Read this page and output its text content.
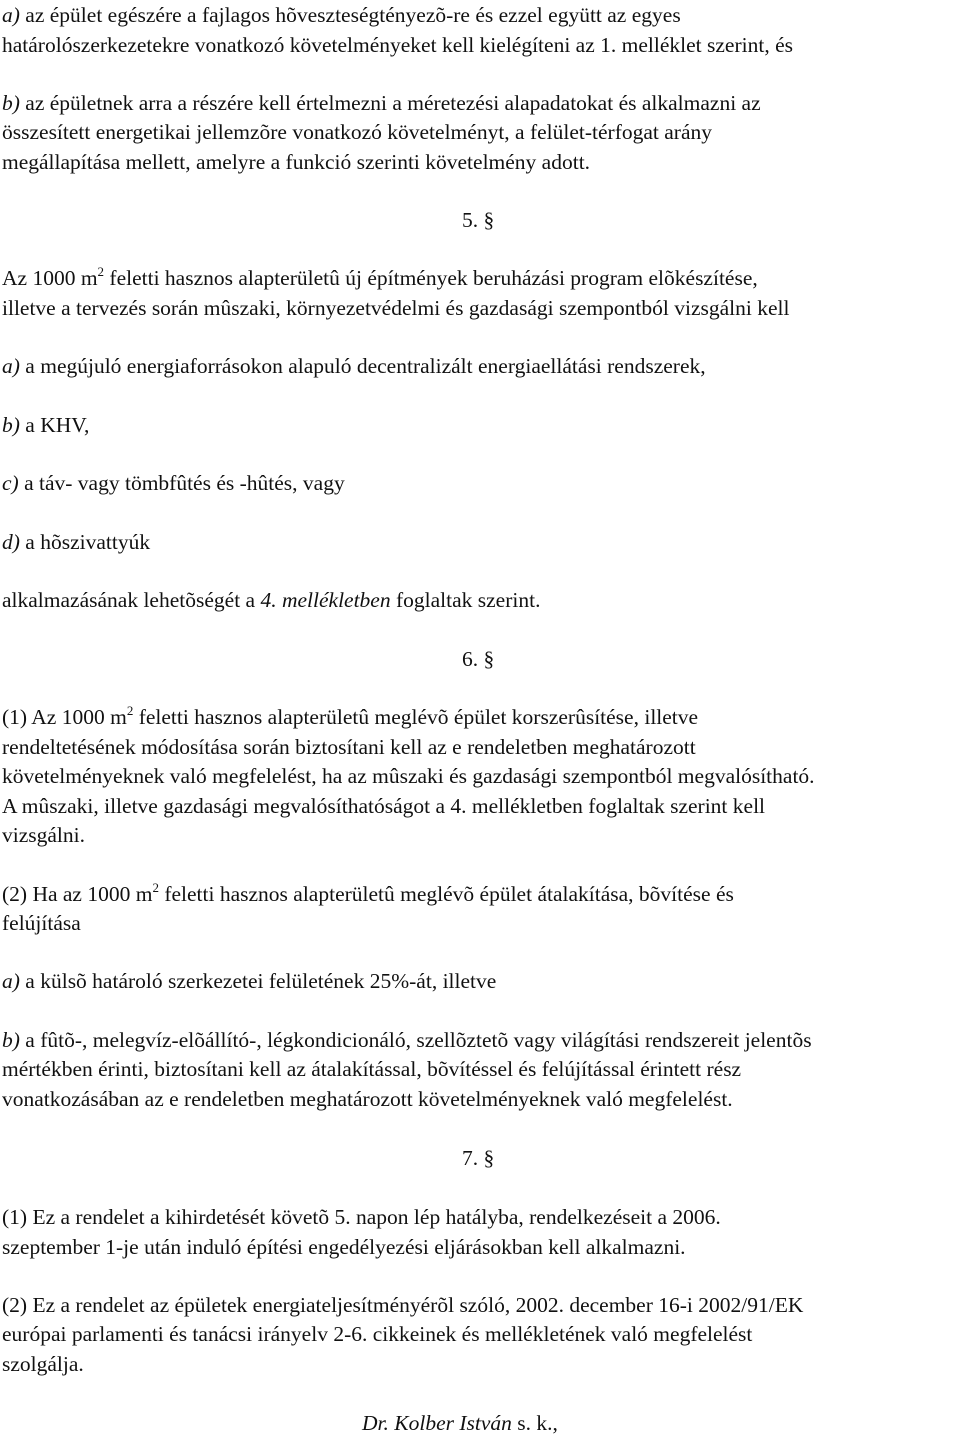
a) az épület egészére a fajlagos hõveszteségtényezõ-re és ezzel együtt az egyes
határolószerkezetekre vonatkozó követelményeket kell kielégíteni az 1. melléklet szerint, és
b) az épületnek arra a részére kell értelmezni a méretezési alapadatokat és alkalmazni az
összesített energetikai jellemzõre vonatkozó követelményt, a felület-térfogat arány
megállapítása mellett, amelyre a funkció szerinti követelmény adott.
5. §
Az 1000 $m^2$ feletti hasznos alapterületû új építmények beruházási program elõkészítése,
illetve a tervezés során mûszaki, környezetvédelmi és gazdasági szempontból vizsgálni kell
a) a megújuló energiaforrásokon alapuló decentralizált energiaellátási rendszerek,
b) a KHV,
c) a táv- vagy tömbfûtés és -hûtés, vagy
d) a hõszivattyúk
alkalmazásának lehetõségét a 4. mellékletben foglaltak szerint.
6. §
(1) Az 1000 $m^2$ feletti hasznos alapterületû meglévõ épület korszerûsítése, illetve
rendeltetésének módosítása során biztosítani kell az e rendeletben meghatározott
követelményeknek való megfelelést, ha az mûszaki és gazdasági szempontból megvalósítható.
A mûszaki, illetve gazdasági megvalósíthatóságot a 4. mellékletben foglaltak szerint kell
vizsgálni.
(2) Ha az 1000 $m^2$ feletti hasznos alapterületû meglévõ épület átalakítása, bõvítése és
felújítása
a) a külsõ határoló szerkezetei felületének 25%-át, illetve
b) a fûtõ-, melegvíz-elõállító-, légkondicionáló, szellõztetõ vagy világítási rendszereit jelentõs
mértékben érinti, biztosítani kell az átalakítással, bõvítéssel és felújítással érintett rész
vonatkozásában az e rendeletben meghatározott követelményeknek való megfelelést.
7. §
(1) Ez a rendelet a kihirdetését követõ 5. napon lép hatályba, rendelkezéseit a 2006.
szeptember 1-je után induló építési engedélyezési eljárásokban kell alkalmazni.
(2) Ez a rendelet az épületek energiateljesítményérõl szóló, 2002. december 16-i 2002/91/EK
európai parlamenti és tanácsi irányelv 2-6. cikkeinek és mellékletének való megfelelést
szolgálja.
Dr. Kolber István s. k.,
